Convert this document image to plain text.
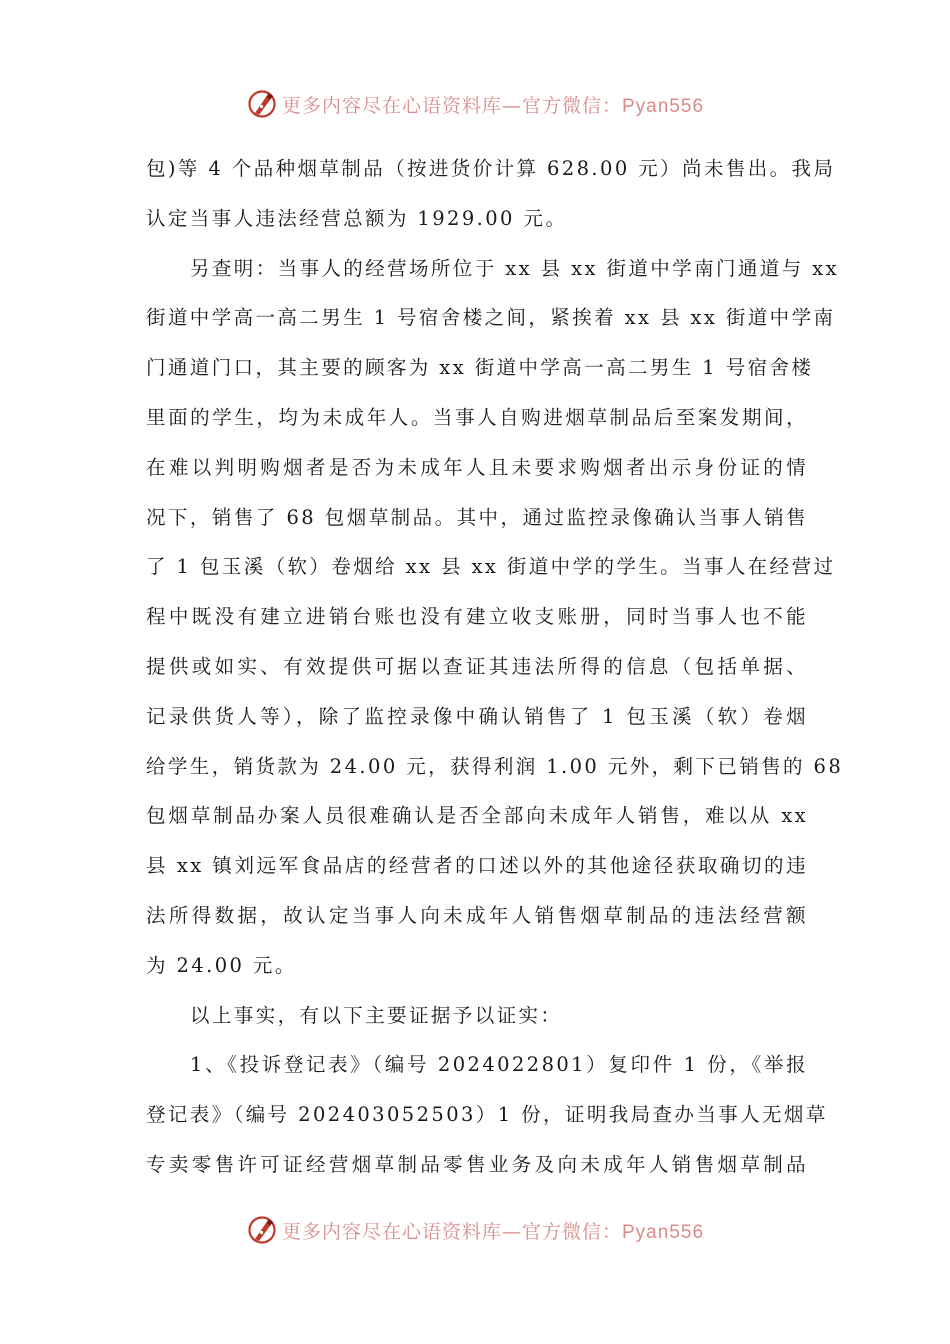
更多内容尽在心语资料库—官方微信：Pyan556
包)等 4 个品种烟草制品（按进货价计算 628.00 元）尚未售出。我局
认定当事人违法经营总额为 1929.00 元。
另查明：当事人的经营场所位于 xx 县 xx 街道中学南门通道与 xx
街道中学高一高二男生 1 号宿舍楼之间，紧挨着 xx 县 xx 街道中学南
门通道门口，其主要的顾客为 xx 街道中学高一高二男生 1 号宿舍楼
里面的学生，均为未成年人。当事人自购进烟草制品后至案发期间，
在难以判明购烟者是否为未成年人且未要求购烟者出示身份证的情
况下，销售了 68 包烟草制品。其中，通过监控录像确认当事人销售
了 1 包玉溪（软）卷烟给 xx 县 xx 街道中学的学生。当事人在经营过
程中既没有建立进销台账也没有建立收支账册，同时当事人也不能
提供或如实、有效提供可据以查证其违法所得的信息（包括单据、
记录供货人等），除了监控录像中确认销售了 1 包玉溪（软）卷烟
给学生，销货款为 24.00 元，获得利润 1.00 元外，剩下已销售的 68
包烟草制品办案人员很难确认是否全部向未成年人销售，难以从 xx
县 xx 镇刘远军食品店的经营者的口述以外的其他途径获取确切的违
法所得数据，故认定当事人向未成年人销售烟草制品的违法经营额
为 24.00 元。
以上事实，有以下主要证据予以证实：
1、《投诉登记表》（编号 2024022801）复印件 1 份，《举报
登记表》（编号 202403052503）1 份，证明我局查办当事人无烟草
专卖零售许可证经营烟草制品零售业务及向未成年人销售烟草制品
更多内容尽在心语资料库—官方微信：Pyan556
